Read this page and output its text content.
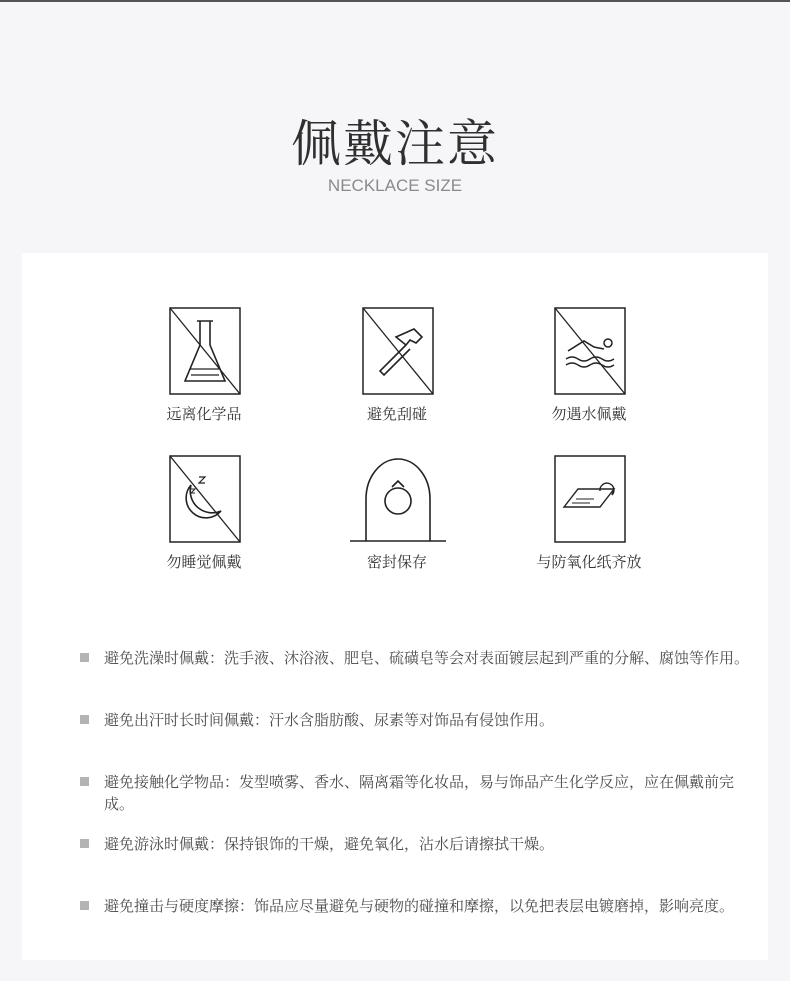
佩戴注意
NECKLACE SIZE
远离化学品	避免刮碰	勿遇水佩戴
勿睡觉佩戴	密封保存	与防氧化纸齐放
避免洗澡时佩戴：洗手液、沐浴液、肥皂、硫磺皂等会对表面镀层起到严重的分解、腐蚀等作用。
避免出汗时长时间佩戴：汗水含脂肪酸、尿素等对饰品有侵蚀作用。
避免接触化学物品：发型喷雾、香水、隔离霜等化妆品，易与饰品产生化学反应，应在佩戴前完成。
避免游泳时佩戴：保持银饰的干燥，避免氧化，沾水后请擦拭干燥。
避免撞击与硬度摩擦：饰品应尽量避免与硬物的碰撞和摩擦，以免把表层电镀磨掉，影响亮度。
